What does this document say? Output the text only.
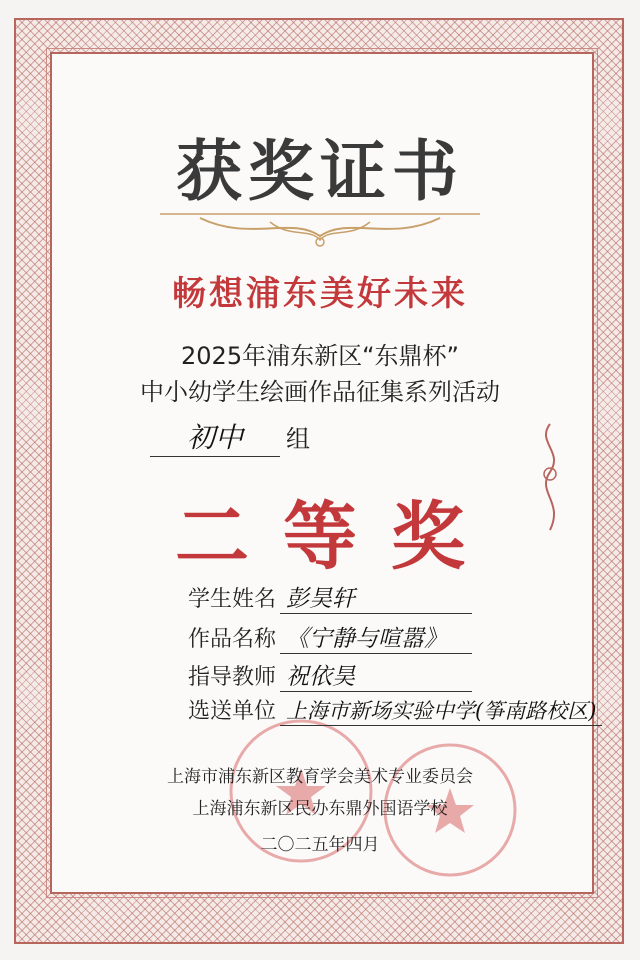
获奖证书
畅想浦东美好未来
2025年浦东新区“东鼎杯”
中小幼学生绘画作品征集系列活动
初中 组
二等奖
学生姓名 彭昊轩
作品名称 《宁静与喧嚣》
指导教师 祝依昊
选送单位 上海市新场实验中学(筝南路校区)
上海市浦东新区教育学会美术专业委员会
上海浦东新区民办东鼎外国语学校
二〇二五年四月
